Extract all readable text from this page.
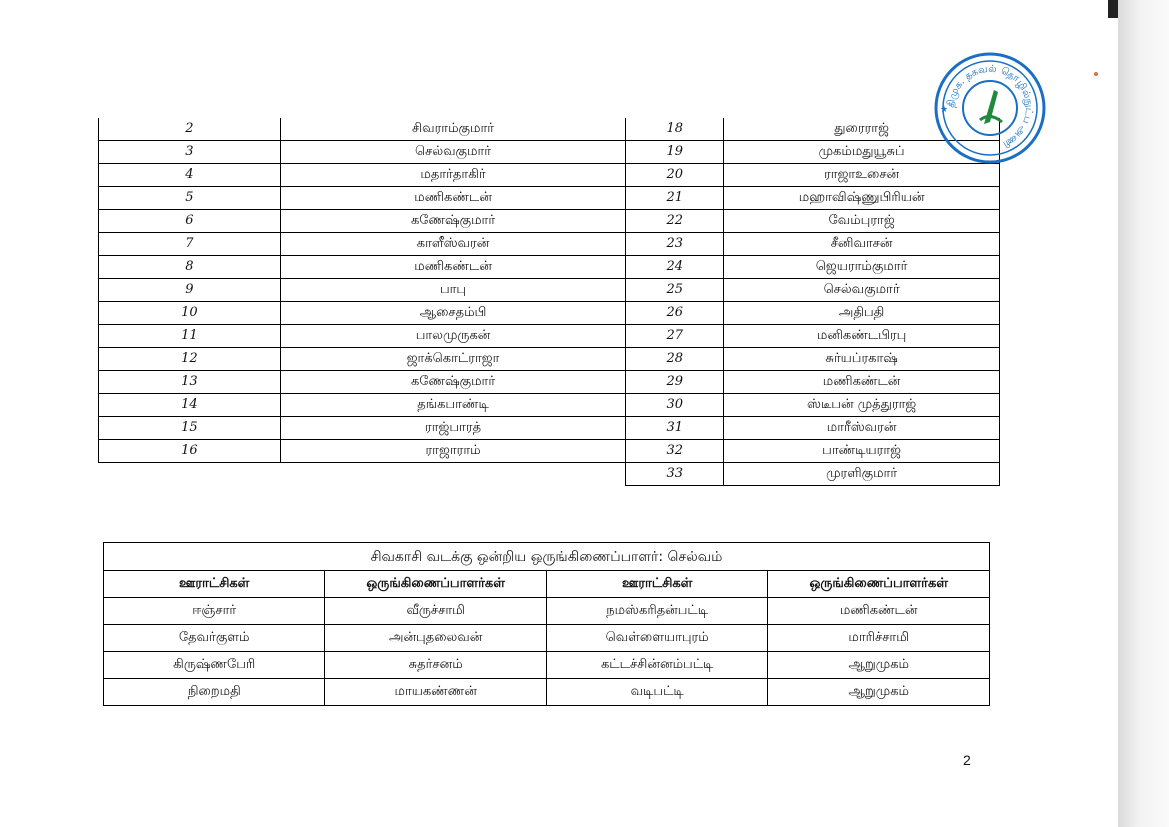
2	சிவராம்குமார்	18	துரைராஜ்
3	செல்வகுமார்	19	முகம்மதுயூசுப்
4	மதார்தாகிர்	20	ராஜாஉசைன்
5	மணிகண்டன்	21	மஹாவிஷ்ணுபிரியன்
6	கணேஷ்குமார்	22	வேம்புராஜ்
7	காளீஸ்வரன்	23	சீனிவாசன்
8	மணிகண்டன்	24	ஜெயராம்குமார்
9	பாபு	25	செல்வகுமார்
10	ஆசைதம்பி	26	அதிபதி
11	பாலமுருகன்	27	மனிகண்டபிரபு
12	ஜாக்கொட்ராஜா	28	சுர்யப்ரகாஷ்
13	கணேஷ்குமார்	29	மணிகண்டன்
14	தங்கபாண்டி	30	ஸ்டீபன் முத்துராஜ்
15	ராஜ்பாரத்	31	மாரீஸ்வரன்
16	ராஜாராம்	32	பாண்டியராஜ்
		33	முரளிகுமார்
சிவகாசி வடக்கு ஒன்றிய ஒருங்கிணைப்பாளர்: செல்வம்			
ஊராட்சிகள்	ஒருங்கிணைப்பாளர்கள்	ஊராட்சிகள்	ஒருங்கிணைப்பாளர்கள்
ஈஞ்சார்	வீருச்சாமி	நமஸ்கரிதன்பட்டி	மணிகண்டன்
தேவர்குளம்	அன்புதலைவன்	வெள்ளையாபுரம்	மாரிச்சாமி
கிருஷ்ணபேரி	சுதர்சனம்	கட்டச்சின்னம்பட்டி	ஆறுமுகம்
நிறைமதி	மாயகண்ணன்	வடிபட்டி	ஆறுமுகம்
2
திமுக. தகவல் தொழில்நுட்ப அணி
★
